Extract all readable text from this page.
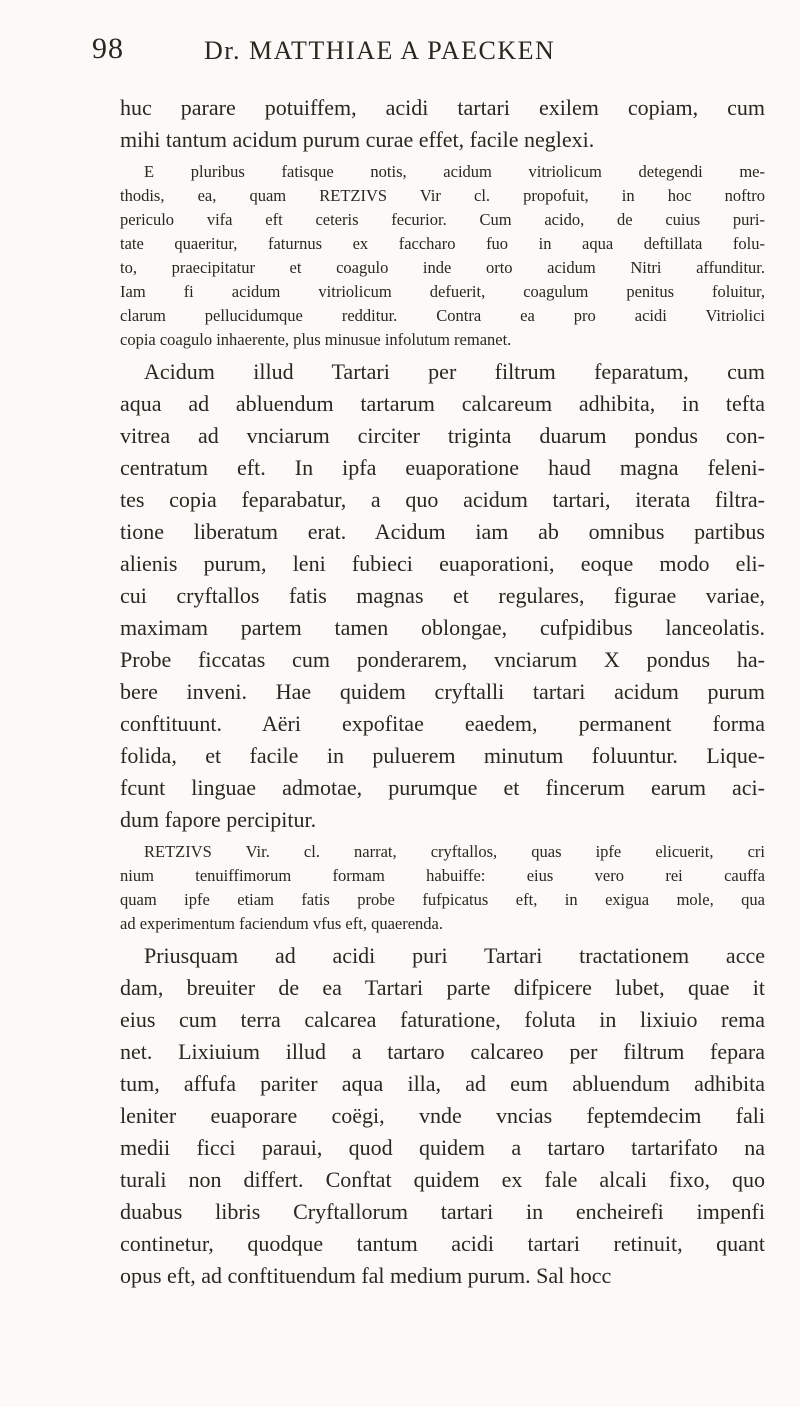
98	Dr. MATTHIAE A PAECKEN
huc parare potuiffem, acidi tartari exilem copiam, cum
mihi tantum acidum purum curae effet, facile neglexi.
E pluribus fatisque notis, acidum vitriolicum detegendi me-
thodis, ea, quam RETZIVS Vir cl. propofuit, in hoc noftro
periculo vifa eft ceteris fecurior. Cum acido, de cuius puri-
tate quaeritur, faturnus ex faccharo fuo in aqua deftillata folu-
to, praecipitatur et coagulo inde orto acidum Nitri affunditur.
Iam fi acidum vitriolicum defuerit, coagulum penitus foluitur,
clarum pellucidumque redditur. Contra ea pro acidi Vitriolici
copia coagulo inhaerente, plus minusue infolutum remanet.
Acidum illud Tartari per filtrum feparatum, cum
aqua ad abluendum tartarum calcareum adhibita, in tefta
vitrea ad vnciarum circiter triginta duarum pondus con-
centratum eft. In ipfa euaporatione haud magna feleni-
tes copia feparabatur, a quo acidum tartari, iterata filtra-
tione liberatum erat. Acidum iam ab omnibus partibus
alienis purum, leni fubieci euaporationi, eoque modo eli-
cui cryftallos fatis magnas et regulares, figurae variae,
maximam partem tamen oblongae, cufpidibus lanceolatis.
Probe ficcatas cum ponderarem, vnciarum X pondus ha-
bere inveni. Hae quidem cryftalli tartari acidum purum
conftituunt. Aëri expofitae eaedem, permanent forma
folida, et facile in puluerem minutum foluuntur. Lique-
fcunt linguae admotae, purumque et fincerum earum aci-
dum fapore percipitur.
RETZIVS Vir. cl. narrat, cryftallos, quas ipfe elicuerit, cri
nium tenuiffimorum formam habuiffe: eius vero rei cauffa
quam ipfe etiam fatis probe fufpicatus eft, in exigua mole, qua
ad experimentum faciendum vfus eft, quaerenda.
Priusquam ad acidi puri Tartari tractationem acce
dam, breuiter de ea Tartari parte difpicere lubet, quae it
eius cum terra calcarea faturatione, foluta in lixiuio rema
net. Lixiuium illud a tartaro calcareo per filtrum fepara
tum, affufa pariter aqua illa, ad eum abluendum adhibita
leniter euaporare coëgi, vnde vncias feptemdecim fali
medii ficci paraui, quod quidem a tartaro tartarifato na
turali non differt. Conftat quidem ex fale alcali fixo, quo
duabus libris Cryftallorum tartari in encheirefi impenfi
continetur, quodque tantum acidi tartari retinuit, quant
opus eft, ad conftituendum fal medium purum. Sal hocc
